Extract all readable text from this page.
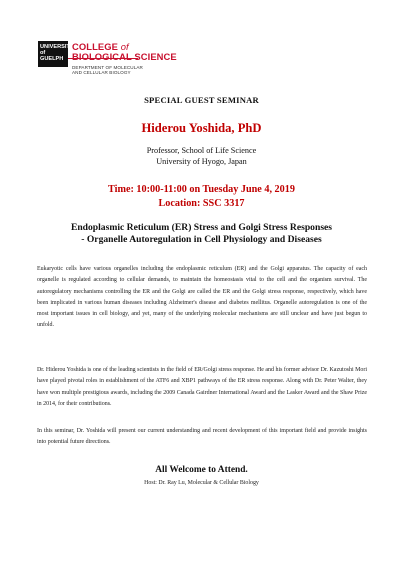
UNIVERSITY
of GUELPH
COLLEGE of
BIOLOGICAL SCIENCE
DEPARTMENT OF MOLECULAR
AND CELLULAR BIOLOGY
SPECIAL GUEST SEMINAR
Hiderou Yoshida, PhD
Professor, School of Life Science
University of Hyogo, Japan
Time: 10:00-11:00 on Tuesday June 4, 2019
Location: SSC 3317
Endoplasmic Reticulum (ER) Stress and Golgi Stress Responses
- Organelle Autoregulation in Cell Physiology and Diseases
Eukaryotic cells have various organelles including the endoplasmic reticulum (ER) and the Golgi apparatus. The capacity of each organelle is regulated according to cellular demands, to maintain the homeostasis vital to the cell and the organism survival. The autoregulatory mechanisms controlling the ER and the Golgi are called the ER and the Golgi stress response, respectively, which have been implicated in various human diseases including Alzheimer's disease and diabetes mellitus. Organelle autoregulation is one of the most important issues in cell biology, and yet, many of the underlying molecular mechanisms are still unclear and have just begun to unfold.
Dr. Hiderou Yoshida is one of the leading scientists in the field of ER/Golgi stress response. He and his former advisor Dr. Kazutoshi Mori have played pivotal roles in establishment of the ATF6 and XBP1 pathways of the ER stress response. Along with Dr. Peter Walter, they have won multiple prestigious awards, including the 2009 Canada Gairdner International Award and the Lasker Award and the Shaw Prize in 2014, for their contributions.
In this seminar, Dr. Yoshida will present our current understanding and recent development of this important field and provide insights into potential future directions.
All Welcome to Attend.
Host: Dr. Ray Lu, Molecular & Cellular Biology
